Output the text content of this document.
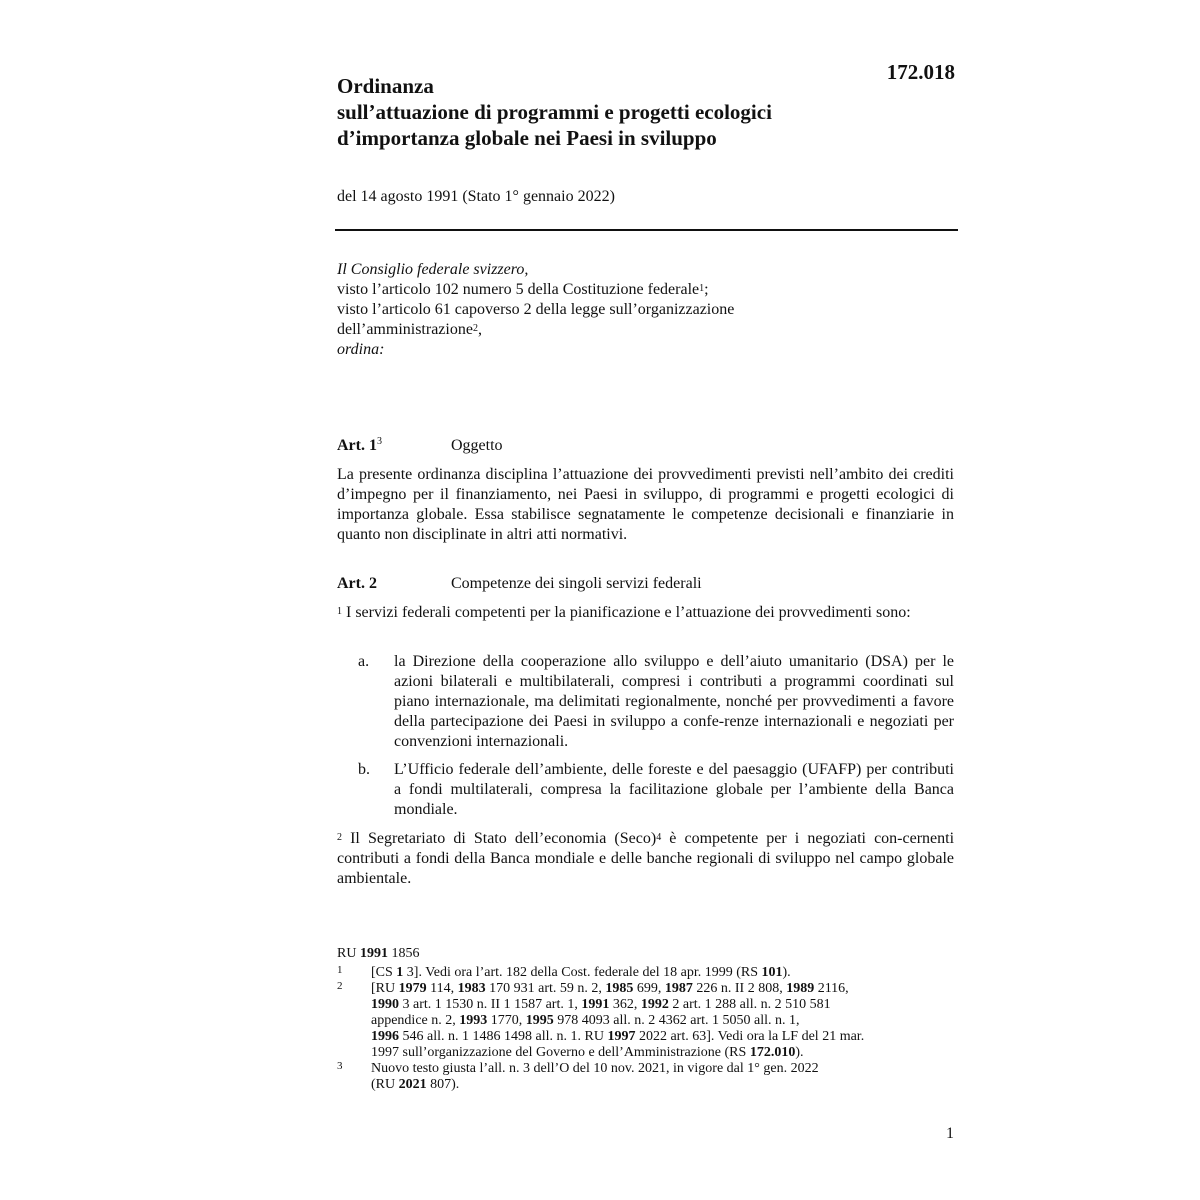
172.018
Ordinanza
sull’attuazione di programmi e progetti ecologici
d’importanza globale nei Paesi in sviluppo
del 14 agosto 1991 (Stato 1° gennaio 2022)
Il Consiglio federale svizzero,
visto l’articolo 102 numero 5 della Costituzione federale$^1$;
visto l’articolo 61 capoverso 2 della legge sull’organizzazione
dell’amministrazione$^2$,
ordina:
Art. $1^3$	Oggetto
La presente ordinanza disciplina l’attuazione dei provvedimenti previsti nell’ambito dei crediti d’impegno per il finanziamento, nei Paesi in sviluppo, di programmi e progetti ecologici di importanza globale. Essa stabilisce segnatamente le competenze decisionali e finanziarie in quanto non disciplinate in altri atti normativi.
Art. 2	Competenze dei singoli servizi federali
$^1$ I servizi federali competenti per la pianificazione e l’attuazione dei provvedimenti sono:
a. la Direzione della cooperazione allo sviluppo e dell’aiuto umanitario (DSA) per le azioni bilaterali e multibilaterali, compresi i contributi a programmi coordinati sul piano internazionale, ma delimitati regionalmente, nonché per provvedimenti a favore della partecipazione dei Paesi in sviluppo a confe-renze internazionali e negoziati per convenzioni internazionali.
b. L’Ufficio federale dell’ambiente, delle foreste e del paesaggio (UFAFP) per contributi a fondi multilaterali, compresa la facilitazione globale per l’ambiente della Banca mondiale.
$^2$ Il Segretariato di Stato dell’economia (Seco)$^4$ è competente per i negoziati con-cernenti contributi a fondi della Banca mondiale e delle banche regionali di sviluppo nel campo globale ambientale.
RU 1991 1856
1 [CS 1 3]. Vedi ora l’art. 182 della Cost. federale del 18 apr. 1999 (RS 101).
2 [RU 1979 114, 1983 170 931 art. 59 n. 2, 1985 699, 1987 226 n. II 2 808, 1989 2116,
1990 3 art. 1 1530 n. II 1 1587 art. 1, 1991 362, 1992 2 art. 1 288 all. n. 2 510 581
appendice n. 2, 1993 1770, 1995 978 4093 all. n. 2 4362 art. 1 5050 all. n. 1,
1996 546 all. n. 1 1486 1498 all. n. 1. RU 1997 2022 art. 63]. Vedi ora la LF del 21 mar.
1997 sull’organizzazione del Governo e dell’Amministrazione (RS 172.010).
3 Nuovo testo giusta l’all. n. 3 dell’O del 10 nov. 2021, in vigore dal 1° gen. 2022
(RU 2021 807).
1
